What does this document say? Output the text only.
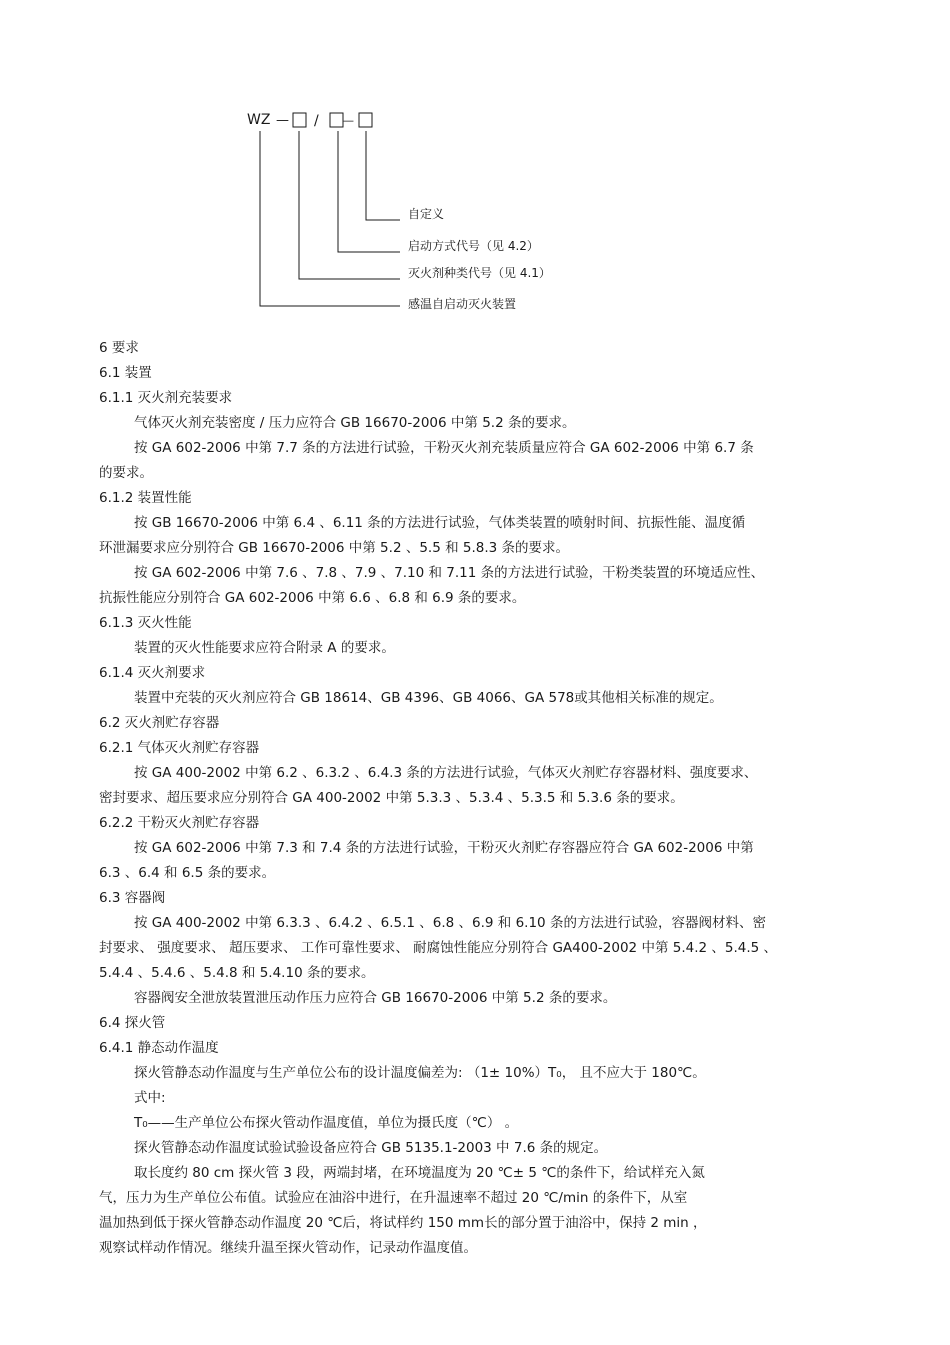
WZ — / —
自定义
启动方式代号（见 4.2）
灭火剂种类代号（见 4.1）
感温自启动灭火装置
6 要求
6.1 装置
6.1.1 灭火剂充装要求
气体灭火剂充装密度 / 压力应符合 GB 16670-2006 中第 5.2 条的要求。
按 GA 602-2006 中第 7.7 条的方法进行试验，干粉灭火剂充装质量应符合 GA 602-2006 中第 6.7 条
的要求。
6.1.2 装置性能
按 GB 16670-2006 中第 6.4 、6.11 条的方法进行试验，气体类装置的喷射时间、抗振性能、温度循
环泄漏要求应分别符合 GB 16670-2006 中第 5.2 、5.5 和 5.8.3 条的要求。
按 GA 602-2006 中第 7.6 、7.8 、7.9 、7.10 和 7.11 条的方法进行试验，干粉类装置的环境适应性、
抗振性能应分别符合 GA 602-2006 中第 6.6 、6.8 和 6.9 条的要求。
6.1.3 灭火性能
装置的灭火性能要求应符合附录 A 的要求。
6.1.4 灭火剂要求
装置中充装的灭火剂应符合 GB 18614、GB 4396、GB 4066、GA 578或其他相关标准的规定。
6.2 灭火剂贮存容器
6.2.1 气体灭火剂贮存容器
按 GA 400-2002 中第 6.2 、6.3.2 、6.4.3 条的方法进行试验，气体灭火剂贮存容器材料、强度要求、
密封要求、超压要求应分别符合 GA 400-2002 中第 5.3.3 、5.3.4 、5.3.5 和 5.3.6 条的要求。
6.2.2 干粉灭火剂贮存容器
按 GA 602-2006 中第 7.3 和 7.4 条的方法进行试验，干粉灭火剂贮存容器应符合 GA 602-2006 中第
6.3 、6.4 和 6.5 条的要求。
6.3 容器阀
按 GA 400-2002 中第 6.3.3 、6.4.2 、6.5.1 、6.8 、6.9 和 6.10 条的方法进行试验，容器阀材料、密
封要求、 强度要求、 超压要求、 工作可靠性要求、 耐腐蚀性能应分别符合 GA400-2002 中第 5.4.2 、5.4.5 、
5.4.4 、5.4.6 、5.4.8 和 5.4.10 条的要求。
容器阀安全泄放装置泄压动作压力应符合 GB 16670-2006 中第 5.2 条的要求。
6.4 探火管
6.4.1 静态动作温度
探火管静态动作温度与生产单位公布的设计温度偏差为: （1± 10%）T₀， 且不应大于 180℃。
式中:
T₀——生产单位公布探火管动作温度值，单位为摄氏度（℃） 。
探火管静态动作温度试验试验设备应符合 GB 5135.1-2003 中 7.6 条的规定。
取长度约 80 cm 探火管 3 段，两端封堵，在环境温度为 20 ℃± 5 ℃的条件下，给试样充入氮
气，压力为生产单位公布值。试验应在油浴中进行，在升温速率不超过 20 ℃/min 的条件下，从室
温加热到低于探火管静态动作温度 20 ℃后，将试样约 150 mm长的部分置于油浴中，保持 2 min ，
观察试样动作情况。继续升温至探火管动作，记录动作温度值。
